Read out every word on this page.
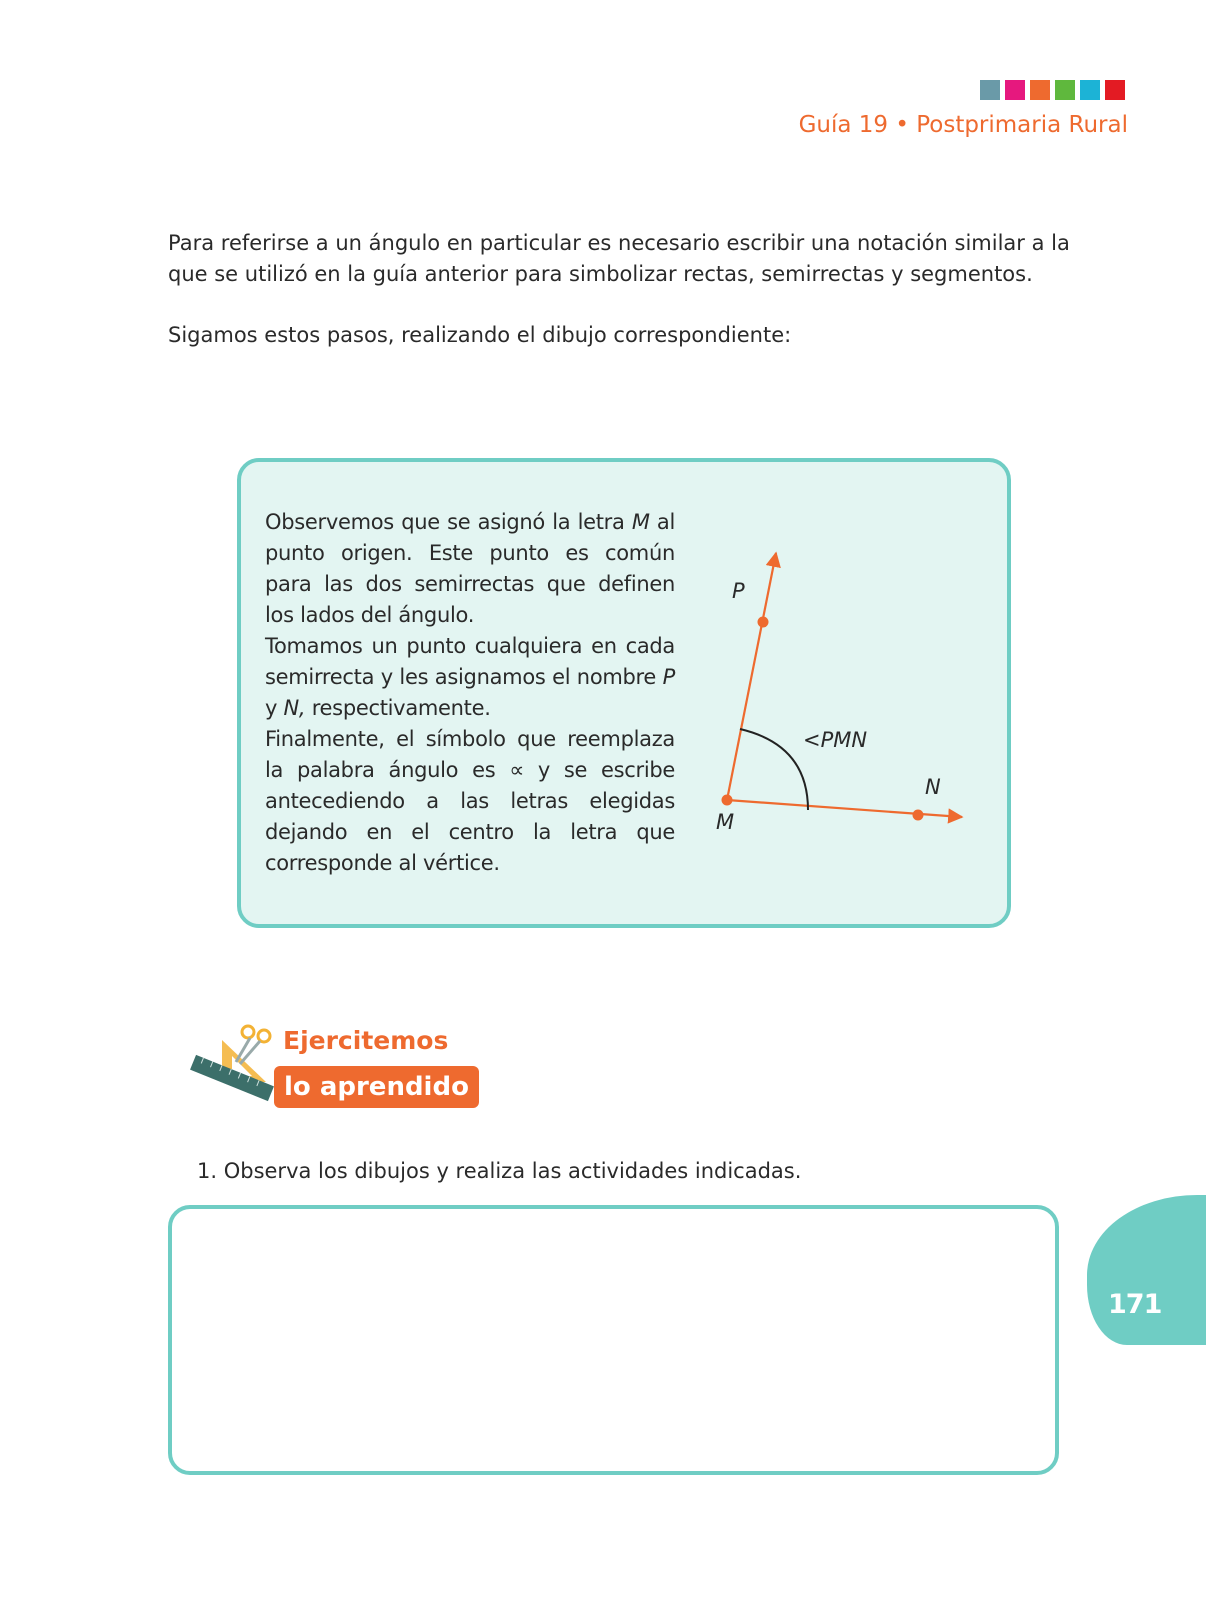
Guía 19 • Postprimaria Rural

Para referirse a un ángulo en particular es necesario escribir una notación similar a la que se utilizó en la guía anterior para simbolizar rectas, semirrectas y segmentos.

Sigamos estos pasos, realizando el dibujo correspondiente:

Observemos que se asignó la letra M al punto origen. Este punto es común para las dos semirrectas que definen los lados del ángulo.

Tomamos un punto cualquiera en cada semirrecta y les asignamos el nombre P y N, respectivamente.

Finalmente, el símbolo que reemplaza la palabra ángulo es ∝ y se escribe antecediendo a las letras elegidas dejando en el centro la letra que corresponde al vértice.

P
N
M
<PMN
Ejercitemos
lo aprendido

1. Observa los dibujos y realiza las actividades indicadas.

171
